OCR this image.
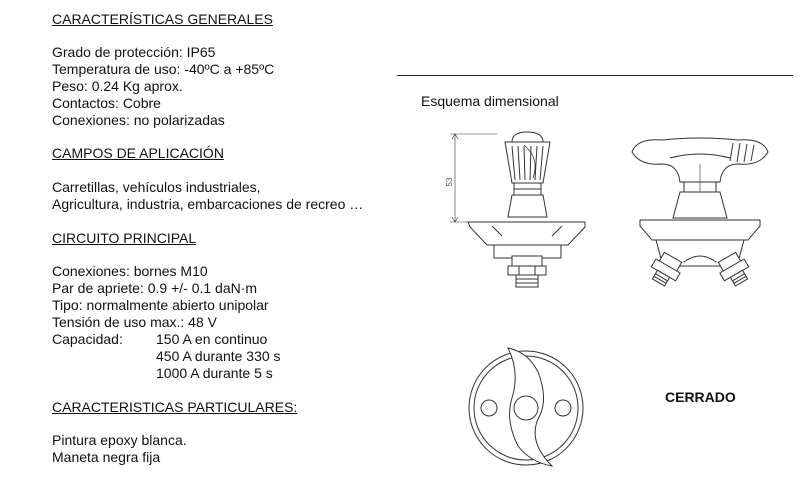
CARACTERÍSTICAS GENERALES
Grado de protección: IP65
Temperatura de uso: -40ºC a +85ºC
Peso: 0.24 Kg aprox.
Contactos: Cobre
Conexiones: no polarizadas
CAMPOS DE APLICACIÓN
Carretillas, vehículos industriales,
Agricultura, industria, embarcaciones de recreo …
CIRCUITO PRINCIPAL
Conexiones: bornes M10
Par de apriete: 0.9 +/- 0.1 daN·m
Tipo: normalmente abierto unipolar
Tensión de uso max.: 48 V
Capacidad: 150 A en continuo
450 A durante 330 s
1000 A durante 5 s
CARACTERISTICAS PARTICULARES:
Pintura epoxy blanca.
Maneta negra fija
Esquema dimensional
CERRADO
53
